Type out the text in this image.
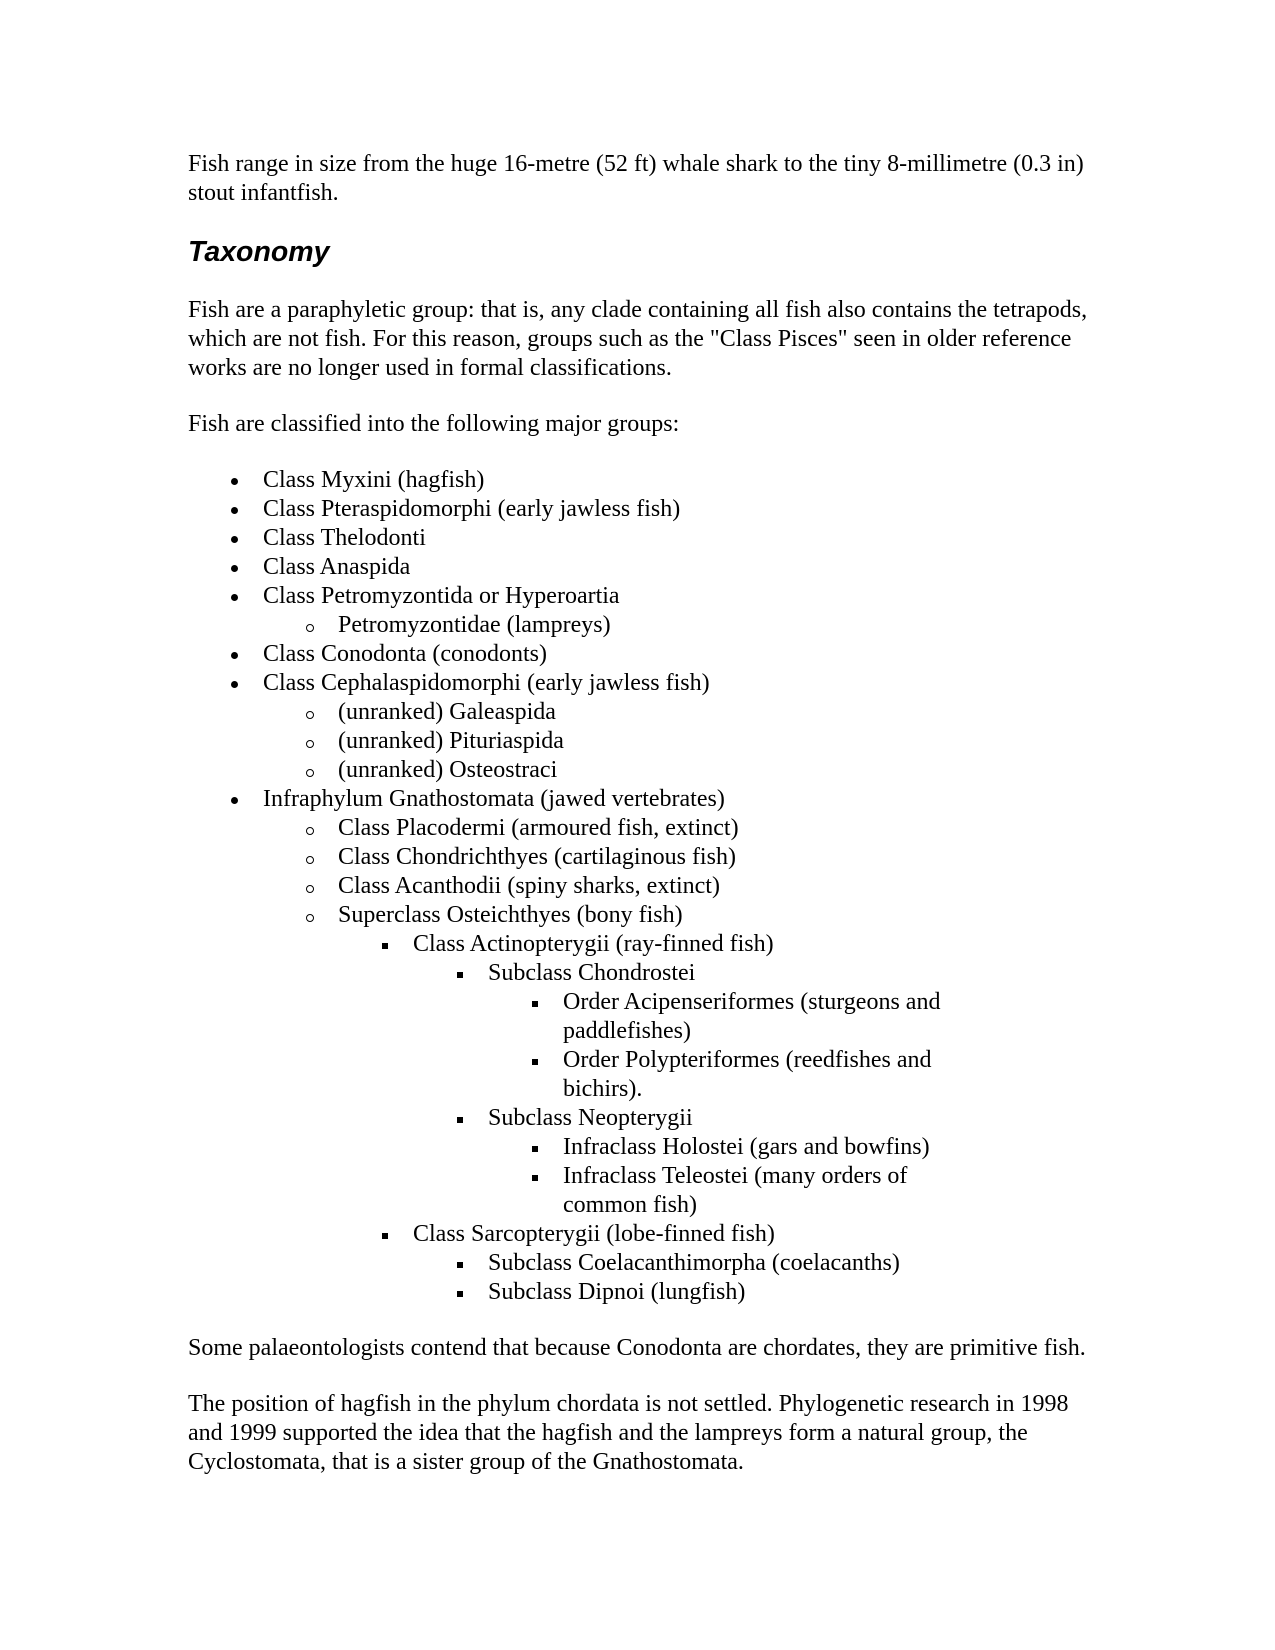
Fish range in size from the huge 16-metre (52 ft) whale shark to the tiny 8-millimetre (0.3 in) stout infantfish.

Taxonomy

Fish are a paraphyletic group: that is, any clade containing all fish also contains the tetrapods, which are not fish. For this reason, groups such as the "Class Pisces" seen in older reference works are no longer used in formal classifications.

Fish are classified into the following major groups:

Class Myxini (hagfish)
Class Pteraspidomorphi (early jawless fish)
Class Thelodonti
Class Anaspida
Class Petromyzontida or Hyperoartia
Petromyzontidae (lampreys)
Class Conodonta (conodonts)
Class Cephalaspidomorphi (early jawless fish)
(unranked) Galeaspida
(unranked) Pituriaspida
(unranked) Osteostraci
Infraphylum Gnathostomata (jawed vertebrates)
Class Placodermi (armoured fish, extinct)
Class Chondrichthyes (cartilaginous fish)
Class Acanthodii (spiny sharks, extinct)
Superclass Osteichthyes (bony fish)
Class Actinopterygii (ray-finned fish)
Subclass Chondrostei
Order Acipenseriformes (sturgeons and paddlefishes)
Order Polypteriformes (reedfishes and bichirs).
Subclass Neopterygii
Infraclass Holostei (gars and bowfins)
Infraclass Teleostei (many orders of common fish)
Class Sarcopterygii (lobe-finned fish)
Subclass Coelacanthimorpha (coelacanths)
Subclass Dipnoi (lungfish)

Some palaeontologists contend that because Conodonta are chordates, they are primitive fish.

The position of hagfish in the phylum chordata is not settled. Phylogenetic research in 1998 and 1999 supported the idea that the hagfish and the lampreys form a natural group, the Cyclostomata, that is a sister group of the Gnathostomata.
